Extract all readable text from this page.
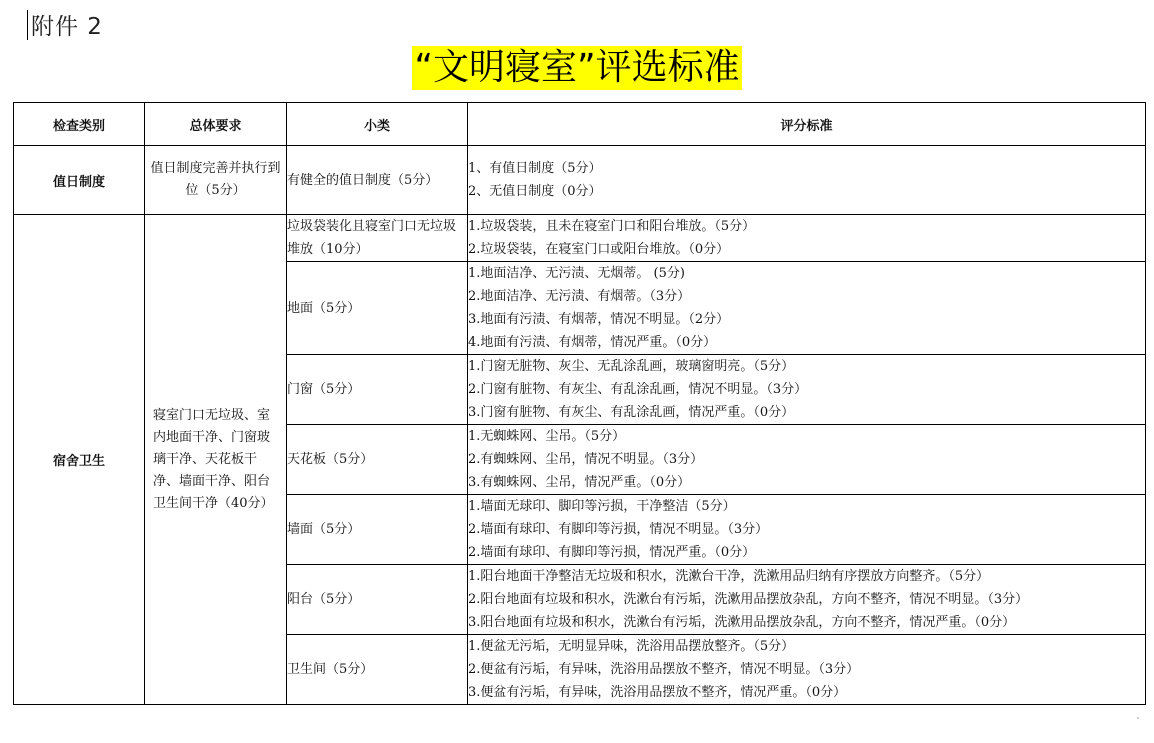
附件 2
“文明寝室”评选标准
检查类别	总体要求	小类	评分标准
值日制度	值日制度完善并执行到位（5分）	有健全的值日制度（5分）	1、有值日制度（5分）
2、无值日制度（0分）

宿舍卫生	寝室门口无垃圾、室内地面干净、门窗玻璃干净、天花板干净、墙面干净、阳台卫生间干净（40分）	垃圾袋装化且寝室门口无垃圾堆放（10分）	1.垃圾袋装，且未在寝室门口和阳台堆放。（5分）
2.垃圾袋装，在寝室门口或阳台堆放。（0分）

		地面（5分）	1.地面洁净、无污渍、无烟蒂。 (5分)
2.地面洁净、无污渍、有烟蒂。（3分）
3.地面有污渍、有烟蒂，情况不明显。（2分）
4.地面有污渍、有烟蒂，情况严重。（0分）

		门窗（5分）	1.门窗无脏物、灰尘、无乱涂乱画，玻璃窗明亮。（5分）
2.门窗有脏物、有灰尘、有乱涂乱画，情况不明显。（3分）
3.门窗有脏物、有灰尘、有乱涂乱画，情况严重。（0分）

		天花板（5分）	1.无蜘蛛网、尘吊。（5分）
2.有蜘蛛网、尘吊，情况不明显。（3分）
3.有蜘蛛网、尘吊，情况严重。（0分）

		墙面（5分）	1.墙面无球印、脚印等污损，干净整洁（5分）
2.墙面有球印、有脚印等污损，情况不明显。（3分）
2.墙面有球印、有脚印等污损，情况严重。（0分）

		阳台（5分）	1.阳台地面干净整洁无垃圾和积水，洗漱台干净，洗漱用品归纳有序摆放方向整齐。（5分）
2.阳台地面有垃圾和积水，洗漱台有污垢，洗漱用品摆放杂乱，方向不整齐，情况不明显。（3分）
3.阳台地面有垃圾和积水，洗漱台有污垢，洗漱用品摆放杂乱，方向不整齐，情况严重。（0分）

		卫生间（5分）	1.便盆无污垢，无明显异味，洗浴用品摆放整齐。（5分）
2.便盆有污垢，有异味，洗浴用品摆放不整齐，情况不明显。（3分）
3.便盆有污垢，有异味，洗浴用品摆放不整齐，情况严重。（0分）
